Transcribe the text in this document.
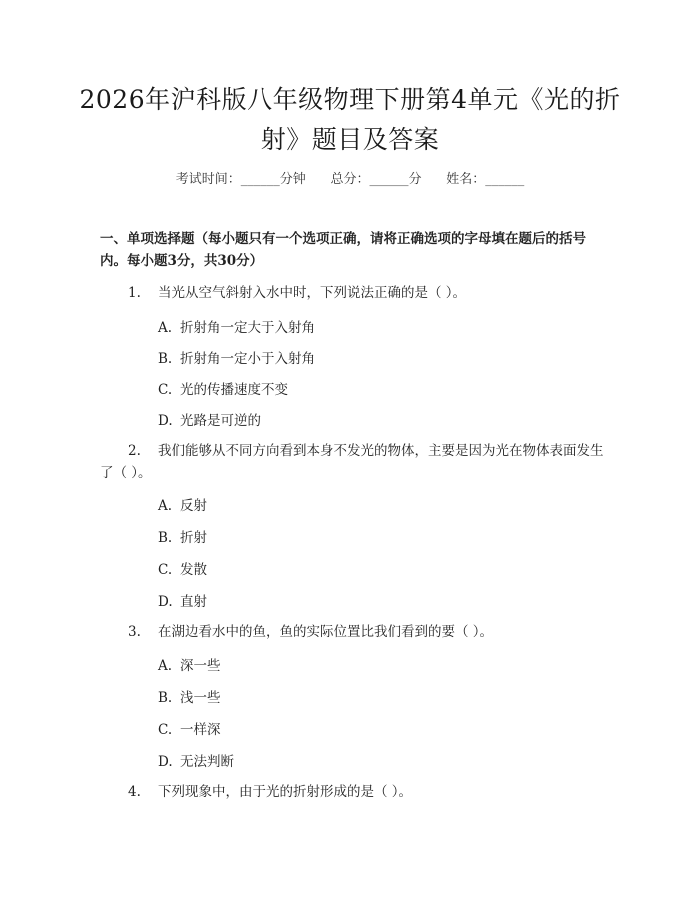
2026年沪科版八年级物理下册第4单元《光的折射》题目及答案
考试时间：______分钟      总分：______分      姓名：______
一、单项选择题（每小题只有一个选项正确，请将正确选项的字母填在题后的括号内。每小题3分，共30分）
1. 当光从空气斜射入水中时，下列说法正确的是（ ）。
A. 折射角一定大于入射角
B. 折射角一定小于入射角
C. 光的传播速度不变
D. 光路是可逆的
2. 我们能够从不同方向看到本身不发光的物体，主要是因为光在物体表面发生了（ ）。
A. 反射
B. 折射
C. 发散
D. 直射
3. 在湖边看水中的鱼，鱼的实际位置比我们看到的要（ ）。
A. 深一些
B. 浅一些
C. 一样深
D. 无法判断
4. 下列现象中，由于光的折射形成的是（ ）。
